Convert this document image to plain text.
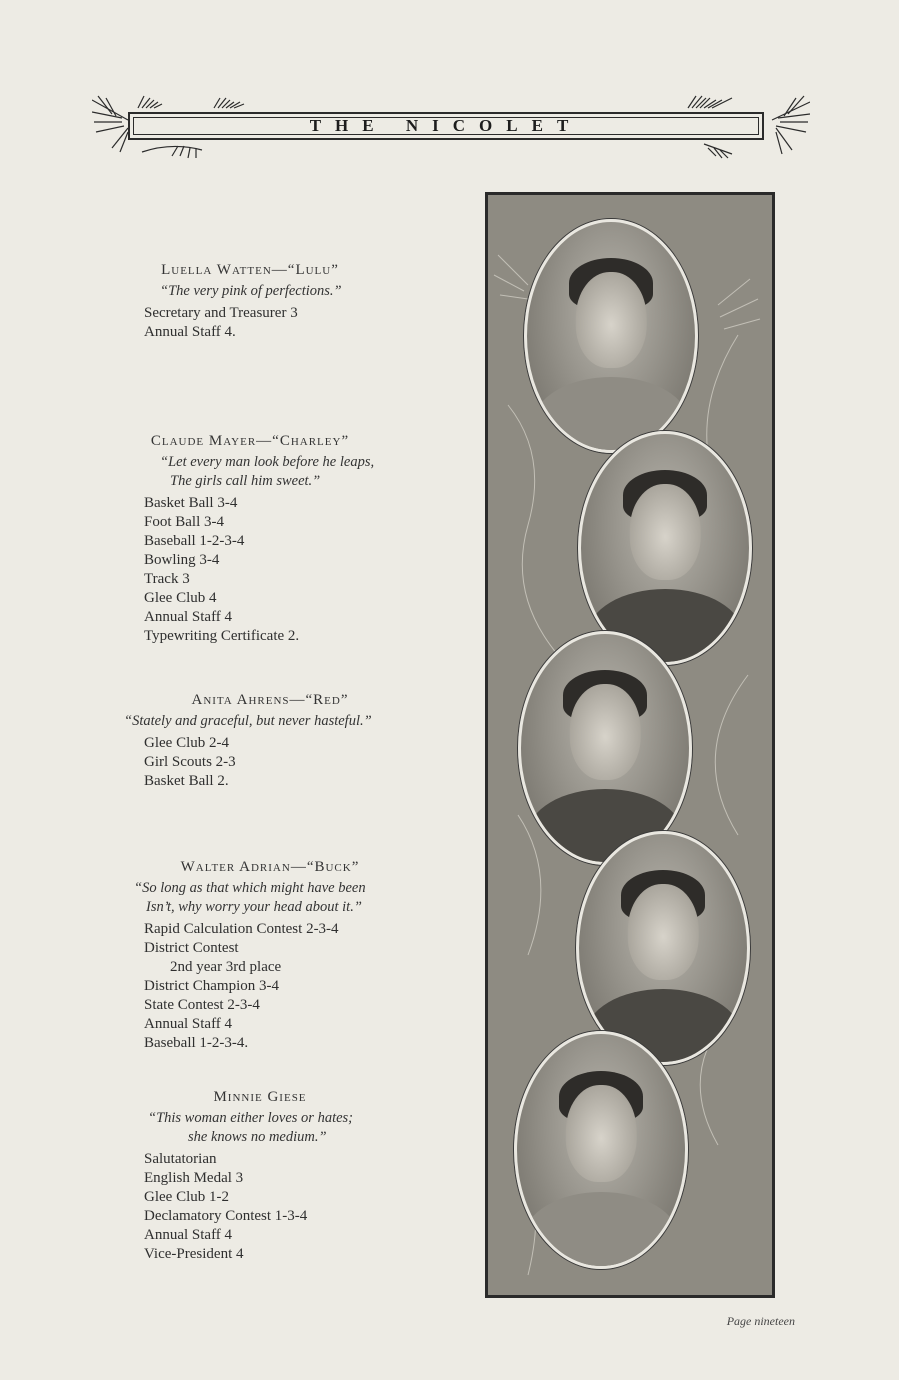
THE NICOLET
Luella Watten—“Lulu”
“The very pink of perfections.”
Secretary and Treasurer 3
Annual Staff 4.
Claude Mayer—“Charley”
“Let every man look before he leaps,
The girls call him sweet.”
Basket Ball 3-4
Foot Ball 3-4
Baseball 1-2-3-4
Bowling 3-4
Track 3
Glee Club 4
Annual Staff 4
Typewriting Certificate 2.
Anita Ahrens—“Red”
“Stately and graceful, but never hasteful.”
Glee Club 2-4
Girl Scouts 2-3
Basket Ball 2.
Walter Adrian—“Buck”
“So long as that which might have been
Isn’t, why worry your head about it.”
Rapid Calculation Contest 2-3-4
District Contest
2nd year 3rd place
District Champion 3-4
State Contest 2-3-4
Annual Staff 4
Baseball 1-2-3-4.
Minnie Giese
“This woman either loves or hates;
she knows no medium.”
Salutatorian
English Medal 3
Glee Club 1-2
Declamatory Contest 1-3-4
Annual Staff 4
Vice-President 4
Page nineteen
